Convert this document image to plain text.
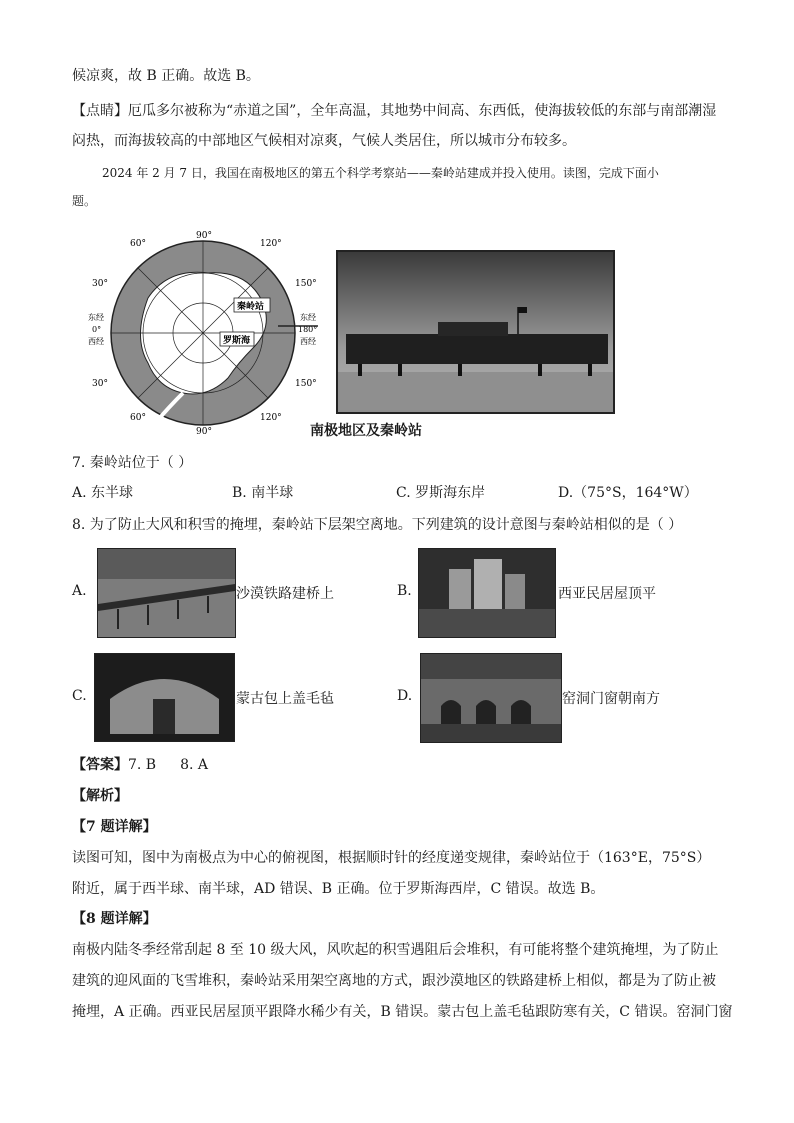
候凉爽，故 B 正确。故选 B。
【点睛】厄瓜多尔被称为“赤道之国”，全年高温，其地势中间高、东西低，使海拔较低的东部与南部潮湿
闷热，而海拔较高的中部地区气候相对凉爽，气候人类居住，所以城市分布较多。
2024 年 2 月 7 日，我国在南极地区的第五个科学考察站——秦岭站建成并投入使用。读图，完成下面小
题。
90°
60°	120°
30°	150°
东经
0°
西经
东经
180°
西经
30°	150°
60°	120°
90°
秦岭站
罗斯海
南极地区及秦岭站
7. 秦岭站位于（ ）
A. 东半球	B. 南半球	C. 罗斯海东岸	D.（75°S，164°W）
8. 为了防止大风和积雪的掩埋，秦岭站下层架空离地。下列建筑的设计意图与秦岭站相似的是（ ）
A.	沙漠铁路建桥上	B.	西亚民居屋顶平
C.	蒙古包上盖毛毡	D.	窑洞门窗朝南方
【答案】7. B 8. A
【解析】
【7 题详解】
读图可知，图中为南极点为中心的俯视图，根据顺时针的经度递变规律，秦岭站位于（163°E，75°S）
附近，属于西半球、南半球，AD 错误、B 正确。位于罗斯海西岸，C 错误。故选 B。
【8 题详解】
南极内陆冬季经常刮起 8 至 10 级大风，风吹起的积雪遇阻后会堆积，有可能将整个建筑掩埋，为了防止
建筑的迎风面的飞雪堆积，秦岭站采用架空离地的方式，跟沙漠地区的铁路建桥上相似，都是为了防止被
掩埋，A 正确。西亚民居屋顶平跟降水稀少有关，B 错误。蒙古包上盖毛毡跟防寒有关，C 错误。窑洞门窗
